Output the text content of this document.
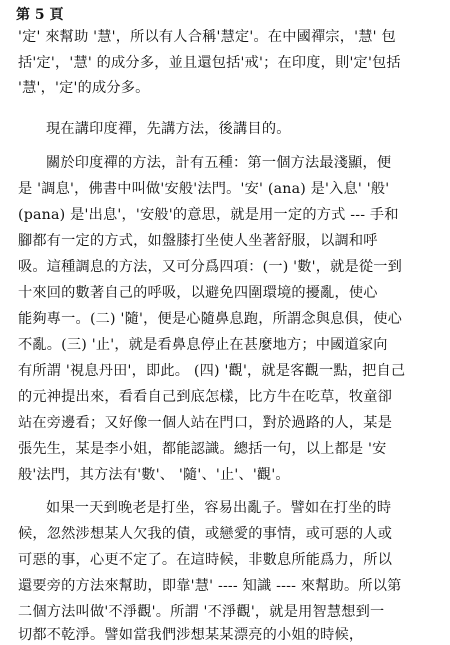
第 5 頁
'定' 來幫助 '慧'，所以有人合稱'慧定'。在中國禪宗，'慧' 包
括'定'，'慧' 的成分多，並且還包括'戒'；在印度，則'定'包括
'慧'，'定'的成分多。
現在講印度禪，先講方法，後講目的。
關於印度禪的方法，計有五種：第一個方法最淺顯，便
是 '調息'，佛書中叫做'安般'法門。'安' (ana) 是'入息' '般'
(pana) 是'出息'，'安般'的意思，就是用一定的方式 --- 手和
腳都有一定的方式，如盤膝打坐使人坐著舒服，以調和呼
吸。這種調息的方法，又可分爲四項：(一) '數'，就是從一到
十來回的數著自己的呼吸，以避免四圍環境的擾亂，使心
能夠專一。(二) '隨'，便是心隨鼻息跑，所謂念與息俱，使心
不亂。(三) '止'，就是看鼻息停止在甚麼地方；中國道家向
有所謂 '視息丹田'，即此。 (四) '觀'，就是客觀一點，把自己
的元神提出來，看看自己到底怎樣，比方牛在吃草，牧童卻
站在旁邊看；又好像一個人站在門口，對於過路的人，某是
張先生，某是李小姐，都能認識。總括一句，以上都是 '安
般'法門，其方法有'數'、 '隨'、'止'、'觀'。
如果一天到晚老是打坐，容易出亂子。譬如在打坐的時
候，忽然涉想某人欠我的債，或戀愛的事情，或可惡的人或
可惡的事，心更不定了。在這時候，非數息所能爲力，所以
還要旁的方法來幫助，即靠'慧' ---- 知識 ---- 來幫助。所以第
二個方法叫做'不淨觀'。所謂 '不淨觀'，就是用智慧想到一
切都不乾淨。譬如當我們涉想某某漂亮的小姐的時候，
